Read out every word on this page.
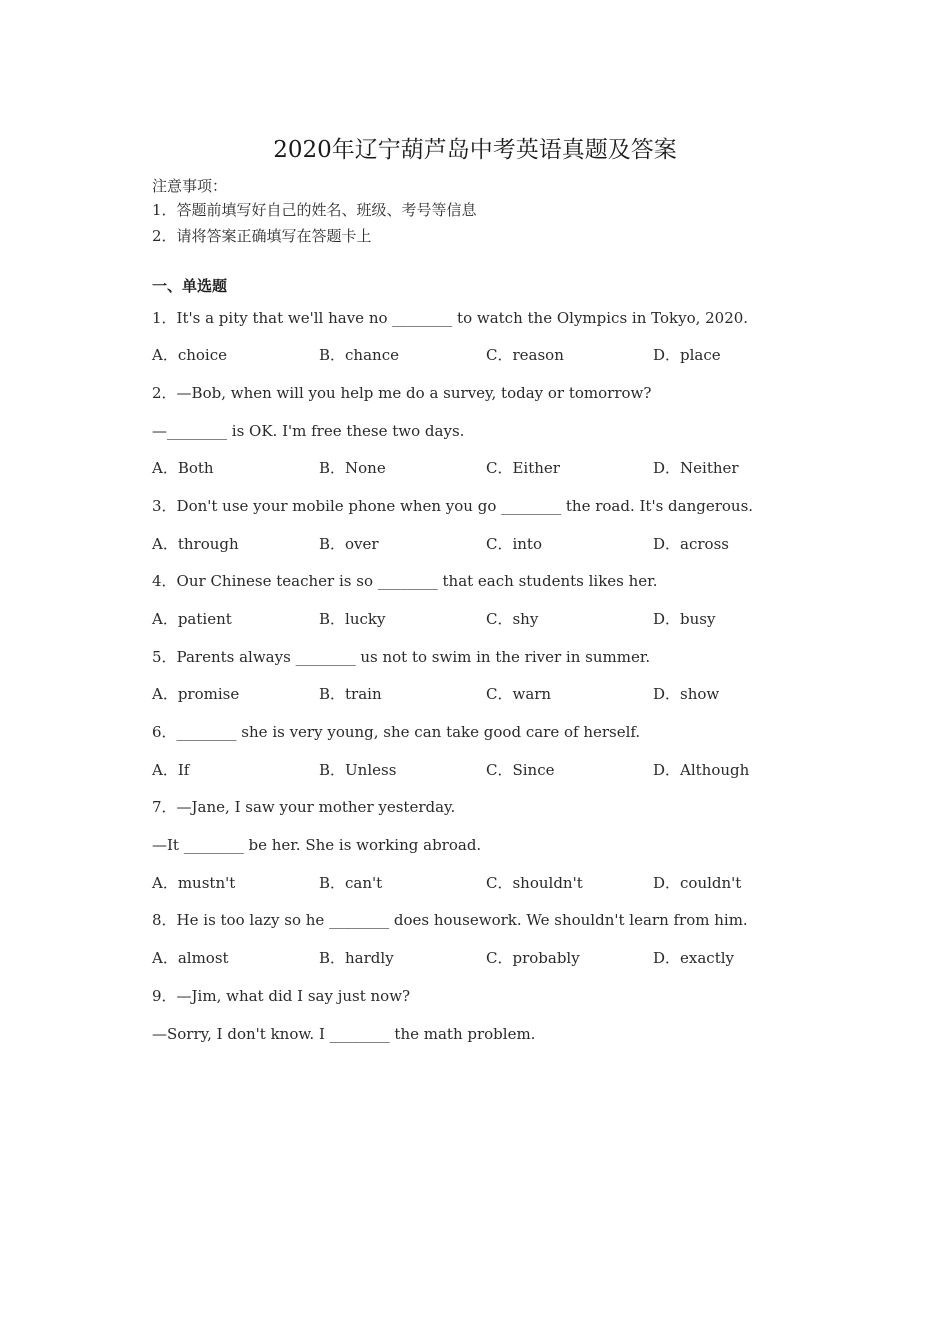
2020年辽宁葫芦岛中考英语真题及答案
注意事项：
1．答题前填写好自己的姓名、班级、考号等信息
2．请将答案正确填写在答题卡上
一、单选题
1．It's a pity that we'll have no ________ to watch the Olympics in Tokyo, 2020.
A．choice	B．chance	C．reason	D．place
2．—Bob, when will you help me do a survey, today or tomorrow?
—________ is OK. I'm free these two days.
A．Both	B．None	C．Either	D．Neither
3．Don't use your mobile phone when you go ________ the road. It's dangerous.
A．through	B．over	C．into	D．across
4．Our Chinese teacher is so ________ that each students likes her.
A．patient	B．lucky	C．shy	D．busy
5．Parents always ________ us not to swim in the river in summer.
A．promise	B．train	C．warn	D．show
6．________ she is very young, she can take good care of herself.
A．If	B．Unless	C．Since	D．Although
7．—Jane, I saw your mother yesterday.
—It ________ be her. She is working abroad.
A．mustn't	B．can't	C．shouldn't	D．couldn't
8．He is too lazy so he ________ does housework. We shouldn't learn from him.
A．almost	B．hardly	C．probably	D．exactly
9．—Jim, what did I say just now?
—Sorry, I don't know. I ________ the math problem.
